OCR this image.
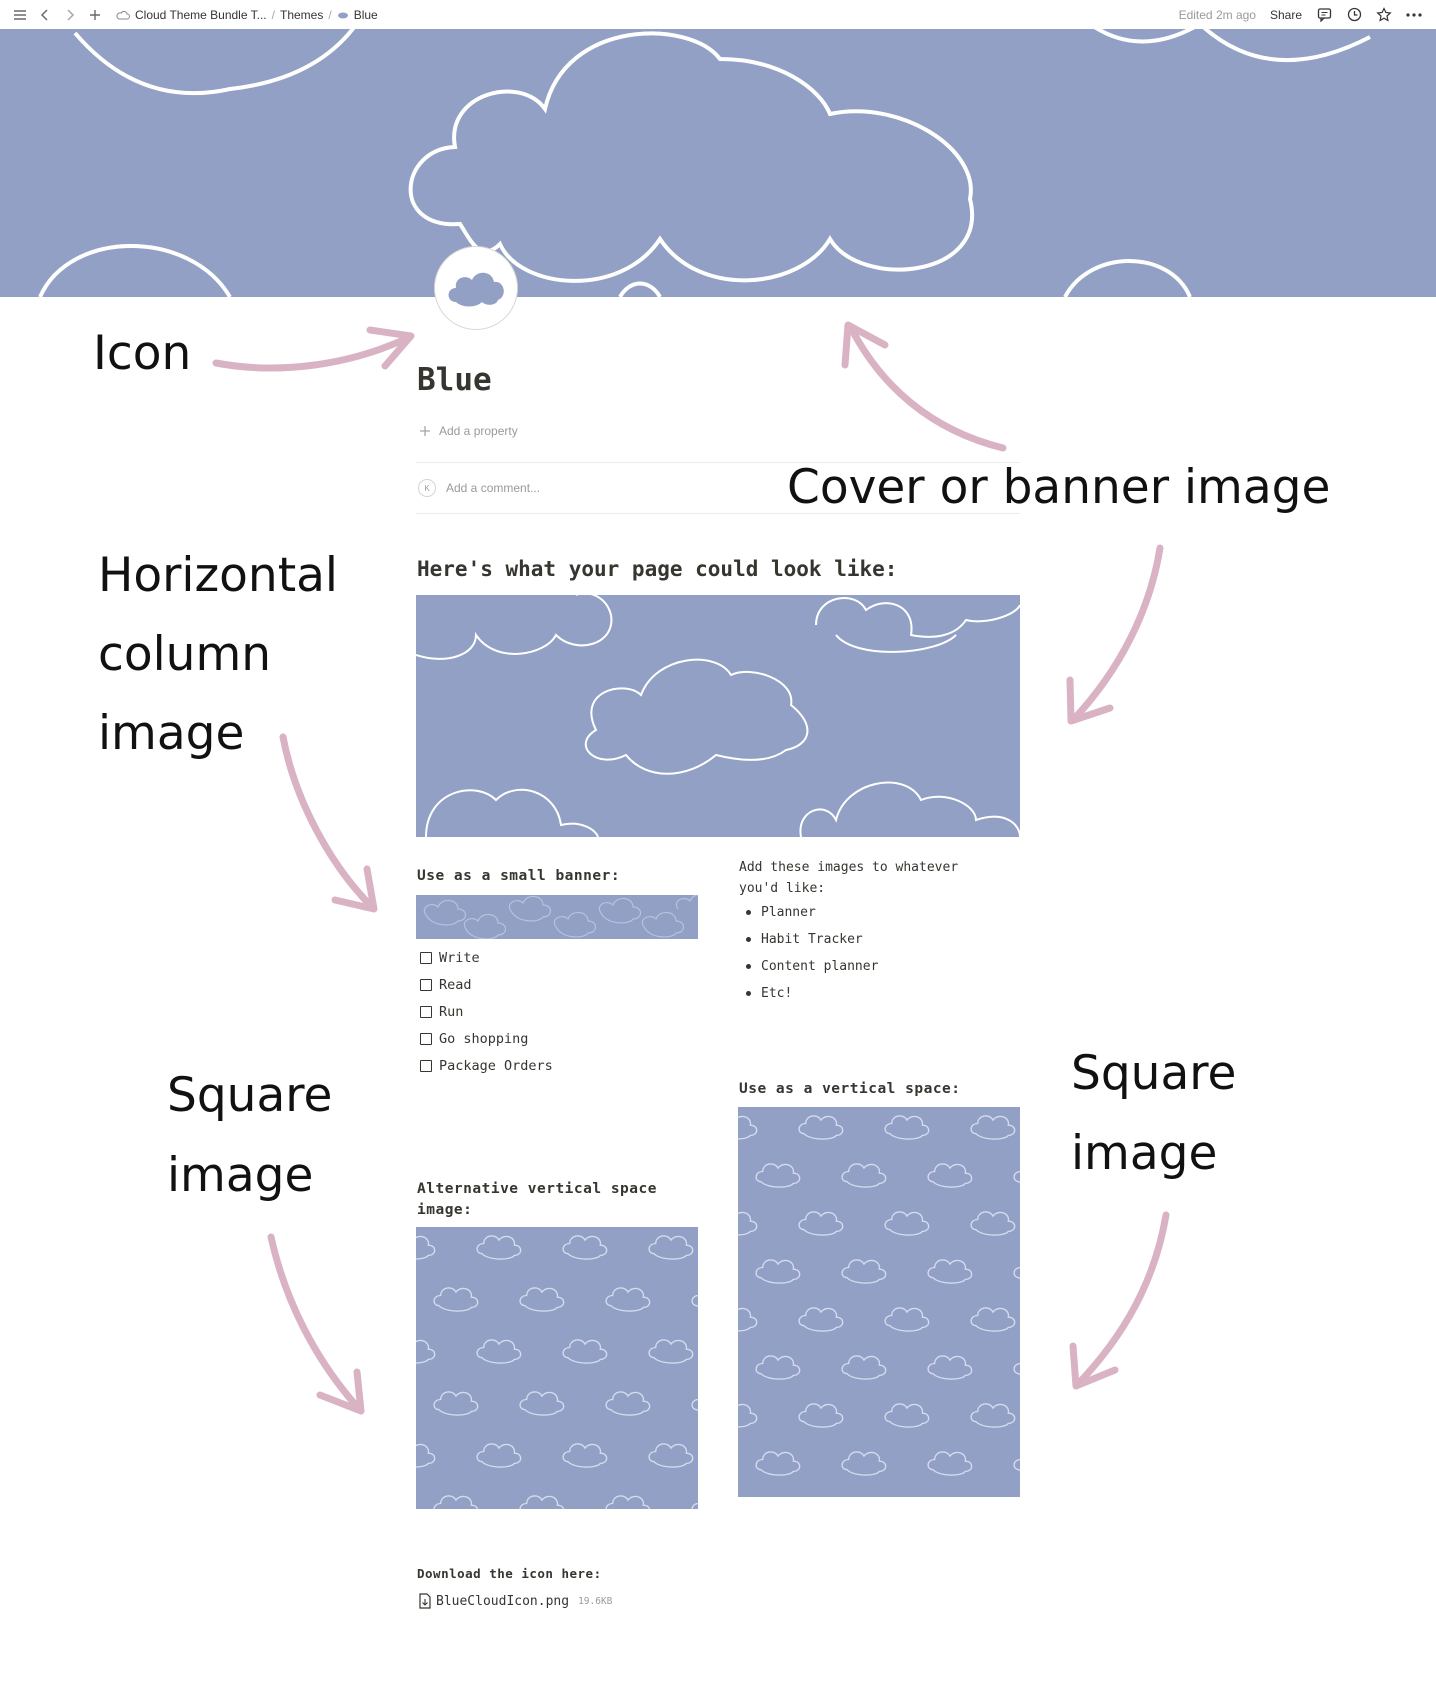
Cloud Theme Bundle T... / Themes / Blue	Edited 2m ago Share
Blue
Add a property
K	Add a comment...
Here's what your page could look like:
Use as a small banner:
Write
Read
Run
Go shopping
Package Orders
Add these images to whatever you'd like:
Planner
Habit Tracker
Content planner
Etc!
Use as a vertical space:
Alternative vertical space image:
Download the icon here:
BlueCloudIcon.png 19.6KB
Icon
Cover or banner image
Horizontal
column
image
Square
image
Square
image
